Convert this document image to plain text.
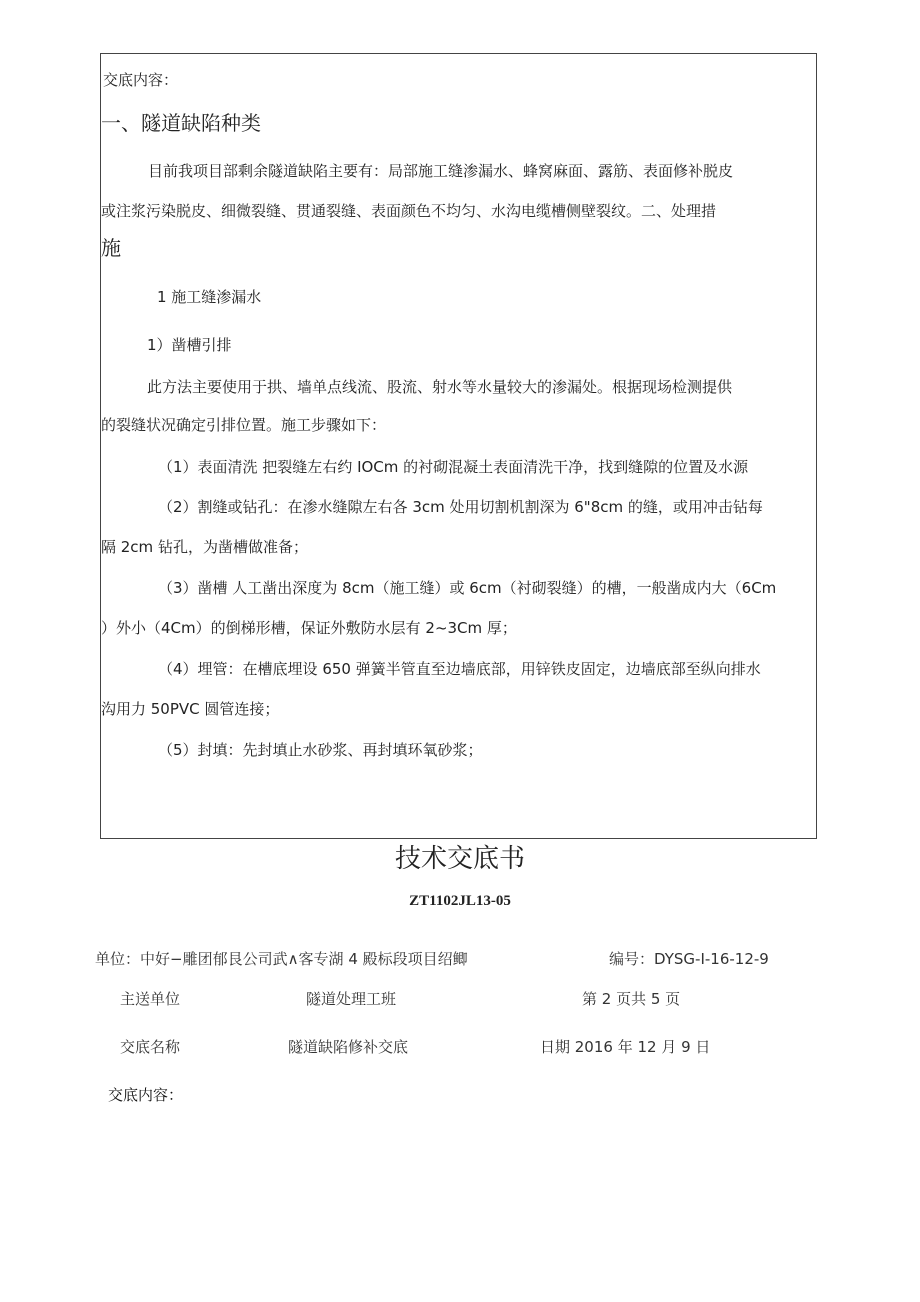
交底内容：
一、隧道缺陷种类
目前我项目部剩余隧道缺陷主要有：局部施工缝渗漏水、蜂窝麻面、露筋、表面修补脱皮
或注浆污染脱皮、细微裂缝、贯通裂缝、表面颜色不均匀、水沟电缆槽侧壁裂纹。二、处理措
施
1 施工缝渗漏水
1）凿槽引排
此方法主要使用于拱、墙单点线流、股流、射水等水量较大的渗漏处。根据现场检测提供
的裂缝状况确定引排位置。施工步骤如下：
（1）表面清洗 把裂缝左右约 IOCm 的衬砌混凝土表面清洗干净，找到缝隙的位置及水源
（2）割缝或钻孔：在渗水缝隙左右各 3cm 处用切割机割深为 6"8cm 的缝，或用冲击钻每
隔 2cm 钻孔，为凿槽做准备；
（3）凿槽 人工凿出深度为 8cm（施工缝）或 6cm（衬砌裂缝）的槽，一般凿成内大（6Cm
）外小（4Cm）的倒梯形槽，保证外敷防水层有 2~3Cm 厚；
（4）埋管：在槽底埋设 650 弹簧半管直至边墙底部，用锌铁皮固定，边墙底部至纵向排水
沟用力 50PVC 圆管连接；
（5）封填：先封填止水砂浆、再封填环氧砂浆；
技术交底书
ZT1102JL13-05
单位：中好−雕团郁艮公司武∧客专湖 4 殿标段项目绍鲫	编号：DYSG-I-16-12-9
主送单位	隧道处理工班	第 2 页共 5 页
交底名称	隧道缺陷修补交底	日期 2016 年 12 月 9 日
交底内容：
